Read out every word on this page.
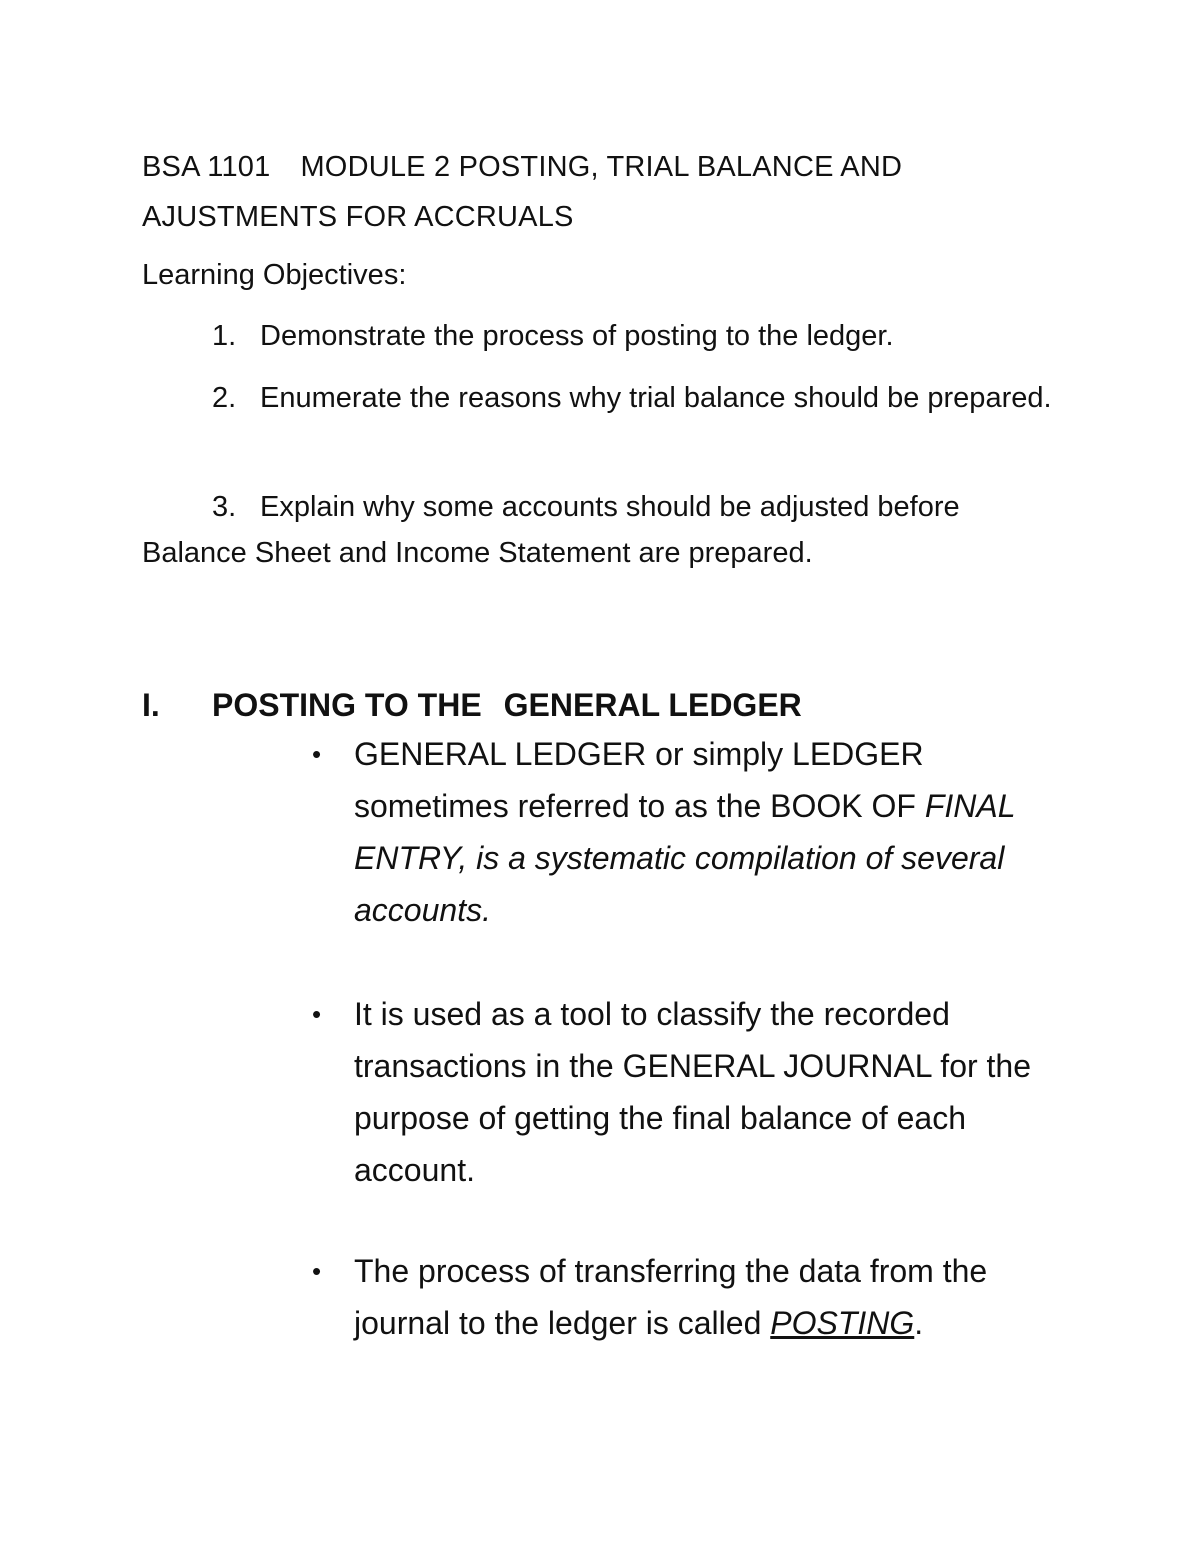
BSA 1101 MODULE 2 POSTING, TRIAL BALANCE AND
AJUSTMENTS FOR ACCRUALS
Learning Objectives:
1. Demonstrate the process of posting to the ledger.
2. Enumerate the reasons why trial balance should be prepared.
3. Explain why some accounts should be adjusted before Balance Sheet and Income Statement are prepared.
I. POSTING TO THE GENERAL LEDGER
•	GENERAL LEDGER or simply LEDGER sometimes referred to as the BOOK OF FINAL ENTRY, is a systematic compilation of several accounts.
•	It is used as a tool to classify the recorded transactions in the GENERAL JOURNAL for the purpose of getting the final balance of each account.
•	The process of transferring the data from the journal to the ledger is called POSTING.
